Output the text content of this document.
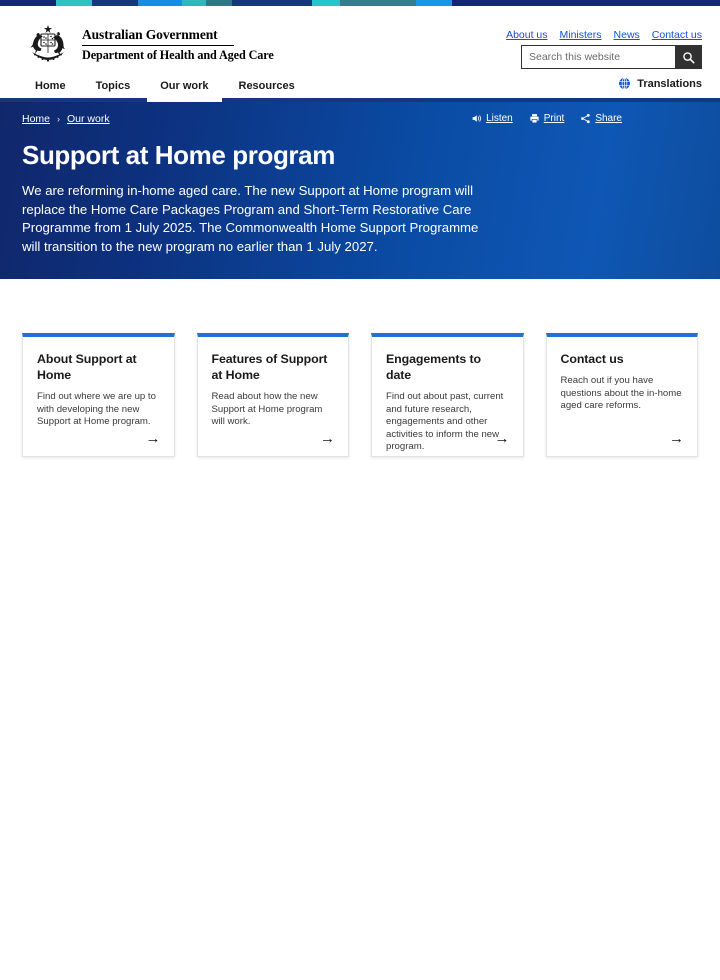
Australian Government
Department of Health and Aged Care
About us Ministers News Contact us
Search this website
Home	Topics	Our work	Resources	Translations
Home › Our work	Listen	Print	Share
Support at Home program

We are reforming in-home aged care. The new Support at Home program will replace the Home Care Packages Program and Short-Term Restorative Care Programme from 1 July 2025. The Commonwealth Home Support Programme will transition to the new program no earlier than 1 July 2027.

About Support at Home
Find out where we are up to with developing the new Support at Home program.
→
Features of Support at Home
Read about how the new Support at Home program will work.
→
Engagements to date
Find out about past, current and future research, engagements and other activities to inform the new program.	→
Contact us
Reach out if you have questions about the in-home aged care reforms.
→
